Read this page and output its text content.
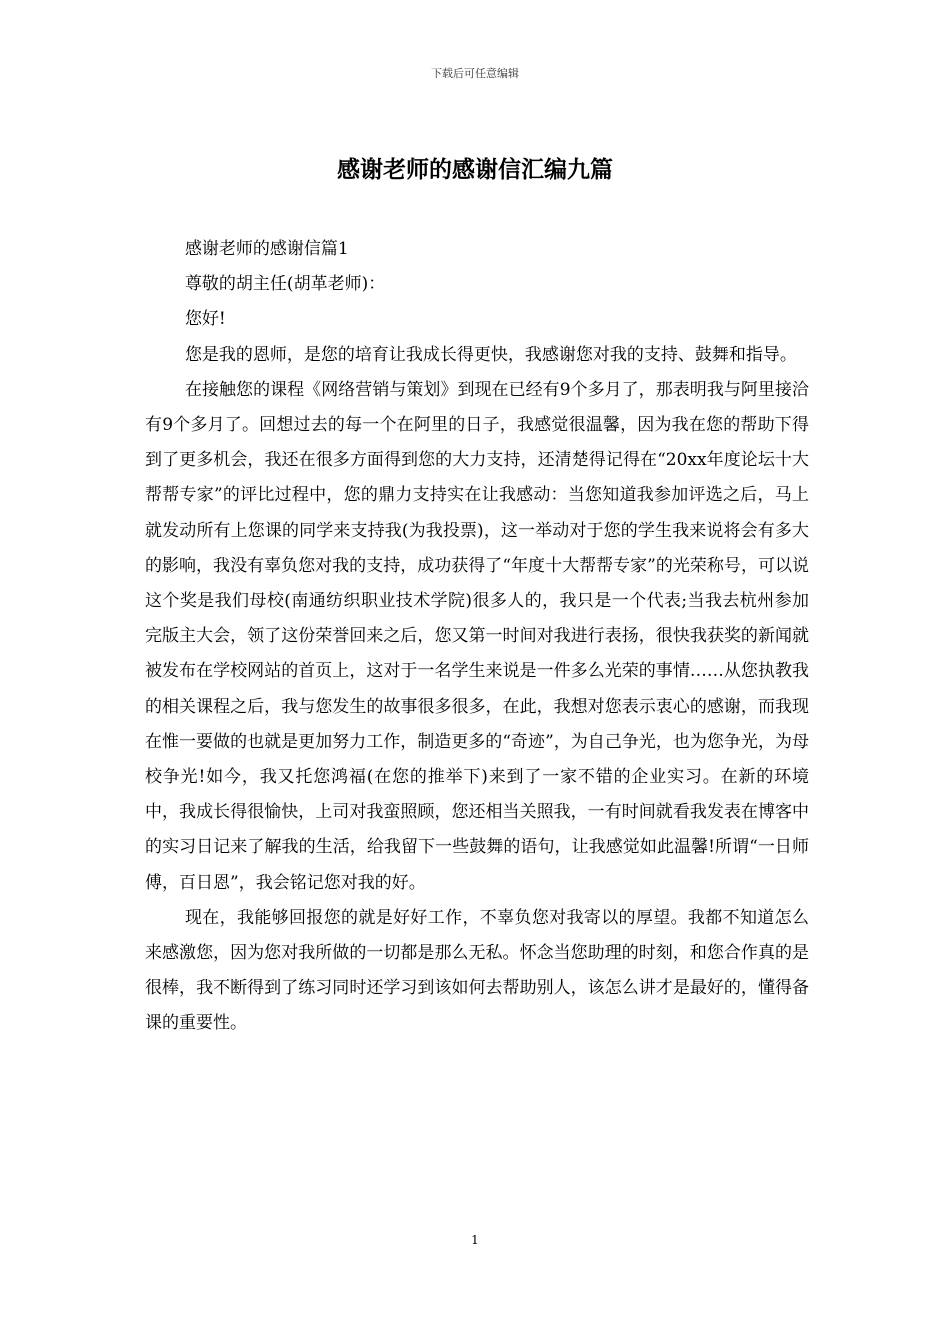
下载后可任意编辑
感谢老师的感谢信汇编九篇

感谢老师的感谢信篇1

尊敬的胡主任(胡革老师)：

您好!

您是我的恩师，是您的培育让我成长得更快，我感谢您对我的支持、鼓舞和指导。

在接触您的课程《网络营销与策划》到现在已经有9个多月了，那表明我与阿里接洽有9个多月了。回想过去的每一个在阿里的日子，我感觉很温馨，因为我在您的帮助下得到了更多机会，我还在很多方面得到您的大力支持，还清楚得记得在“20xx年度论坛十大帮帮专家”的评比过程中，您的鼎力支持实在让我感动：当您知道我参加评选之后，马上就发动所有上您课的同学来支持我(为我投票)，这一举动对于您的学生我来说将会有多大的影响，我没有辜负您对我的支持，成功获得了“年度十大帮帮专家”的光荣称号，可以说这个奖是我们母校(南通纺织职业技术学院)很多人的，我只是一个代表;当我去杭州参加完版主大会，领了这份荣誉回来之后，您又第一时间对我进行表扬，很快我获奖的新闻就被发布在学校网站的首页上，这对于一名学生来说是一件多么光荣的事情……从您执教我的相关课程之后，我与您发生的故事很多很多，在此，我想对您表示衷心的感谢，而我现在惟一要做的也就是更加努力工作，制造更多的“奇迹”，为自己争光，也为您争光，为母校争光!如今，我又托您鸿福(在您的推举下)来到了一家不错的企业实习。在新的环境中，我成长得很愉快，上司对我蛮照顾，您还相当关照我，一有时间就看我发表在博客中的实习日记来了解我的生活，给我留下一些鼓舞的语句，让我感觉如此温馨!所谓“一日师傅，百日恩”，我会铭记您对我的好。

现在，我能够回报您的就是好好工作，不辜负您对我寄以的厚望。我都不知道怎么来感激您，因为您对我所做的一切都是那么无私。怀念当您助理的时刻，和您合作真的是很棒，我不断得到了练习同时还学习到该如何去帮助别人，该怎么讲才是最好的，懂得备课的重要性。

1
